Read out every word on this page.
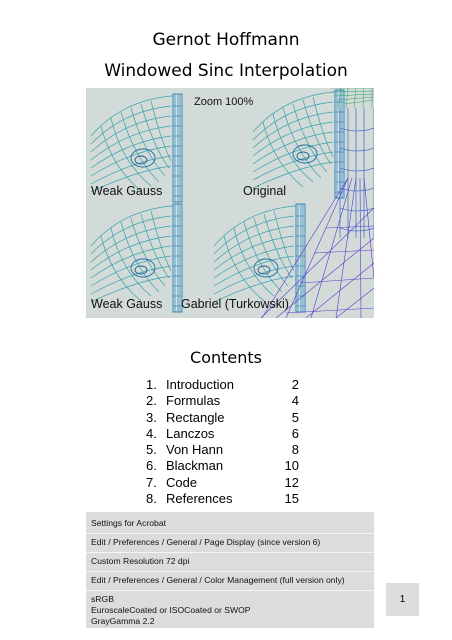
Gernot Hoffmann
Windowed Sinc Interpolation
Zoom 100%
Weak Gauss	Original
Weak Gauss Gabriel (Turkowski)
Contents
1. Introduction	2
2. Formulas	4
3. Rectangle	5
4. Lanczos	6
5. Von Hann	8
6. Blackman	10
7. Code	12
8. References	15
Settings for Acrobat
Edit / Preferences / General / Page Display (since version 6)
Custom Resolution 72 dpi
Edit / Preferences / General / Color Management (full version only)
sRGB
EuroscaleCoated or ISOCoated or SWOP
GrayGamma 2.2
1
